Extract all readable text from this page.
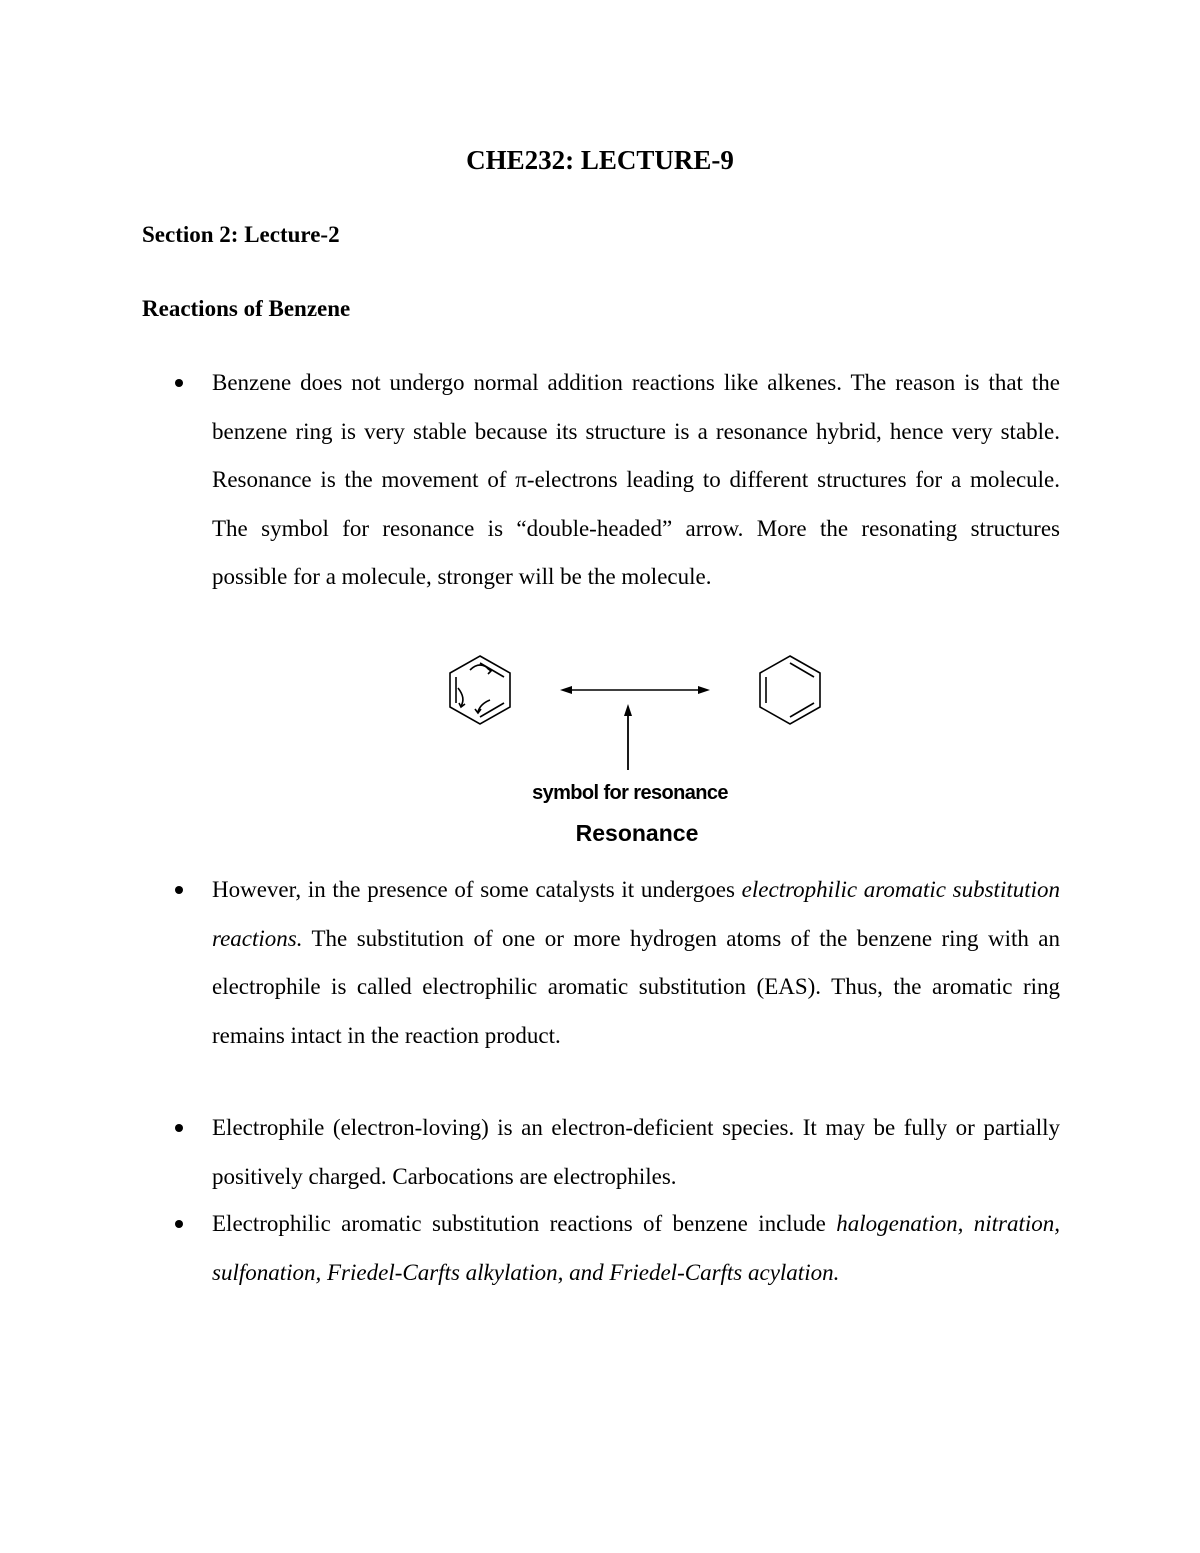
CHE232: LECTURE-9
Section 2: Lecture-2
Reactions of Benzene
Benzene does not undergo normal addition reactions like alkenes. The reason is that the benzene ring is very stable because its structure is a resonance hybrid, hence very stable. Resonance is the movement of π-electrons leading to different structures for a molecule. The symbol for resonance is “double-headed” arrow. More the resonating structures possible for a molecule, stronger will be the molecule.
symbol for resonance
Resonance
However, in the presence of some catalysts it undergoes electrophilic aromatic substitution reactions. The substitution of one or more hydrogen atoms of the benzene ring with an electrophile is called electrophilic aromatic substitution (EAS). Thus, the aromatic ring remains intact in the reaction product.
Electrophile (electron-loving) is an electron-deficient species. It may be fully or partially positively charged. Carbocations are electrophiles.
Electrophilic aromatic substitution reactions of benzene include halogenation, nitration, sulfonation, Friedel-Carfts alkylation, and Friedel-Carfts acylation.
